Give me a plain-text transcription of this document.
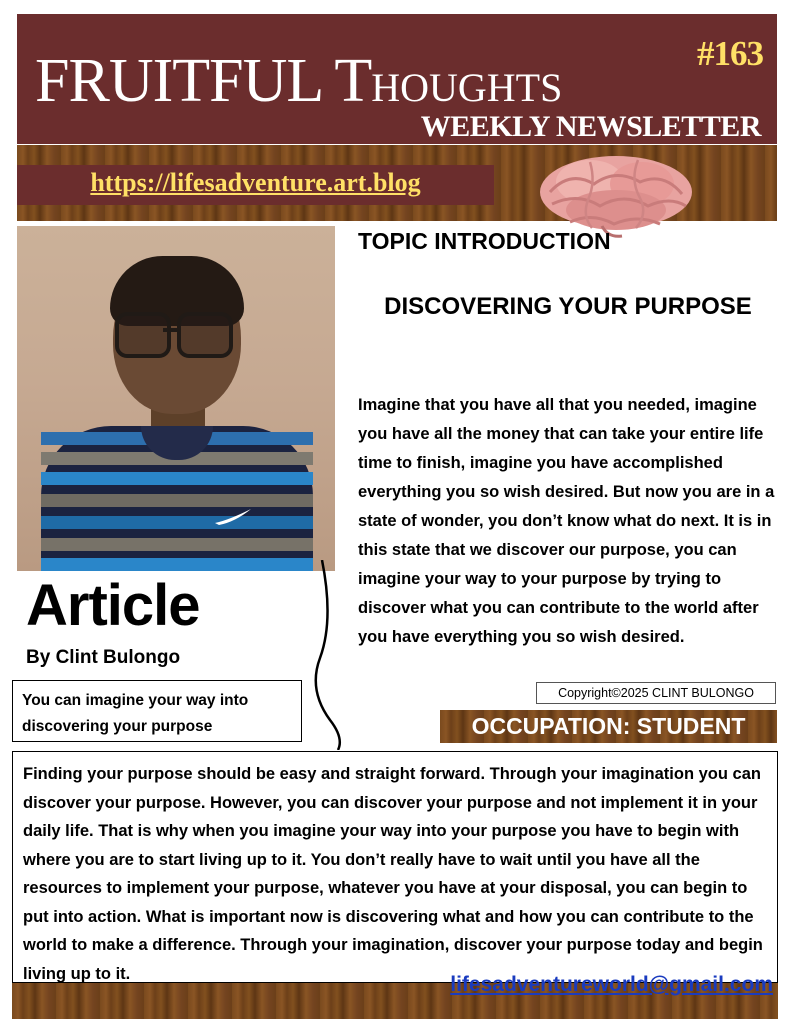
#163
FRUITFUL THOUGHTS
WEEKLY NEWSLETTER
https://lifesadventure.art.blog
TOPIC INTRODUCTION
DISCOVERING YOUR PURPOSE
Imagine that you have all that you needed, imagine you have all the money that can take your entire life time to finish, imagine you have accomplished everything you so wish desired. But now you are in a state of wonder, you don’t know what do next. It is in this state that we discover our purpose, you can imagine your way to your purpose by trying to discover what you can contribute to the world after you have everything you so wish desired.
Article
By Clint Bulongo
You can imagine your way into discovering your purpose
Copyright©2025 CLINT BULONGO
OCCUPATION: STUDENT
Finding your purpose should be easy and straight forward. Through your imagination you can discover your purpose. However, you can discover your purpose and not implement it in your daily life. That is why when you imagine your way into your purpose you have to begin with where you are to start living up to it. You don’t really have to wait until you have all the resources to implement your purpose, whatever you have at your disposal, you can begin to put into action. What is important now is discovering what and how you can contribute to the world to make a difference. Through your imagination, discover your purpose today and begin living up to it.	lifesadventureworld@gmail.com
